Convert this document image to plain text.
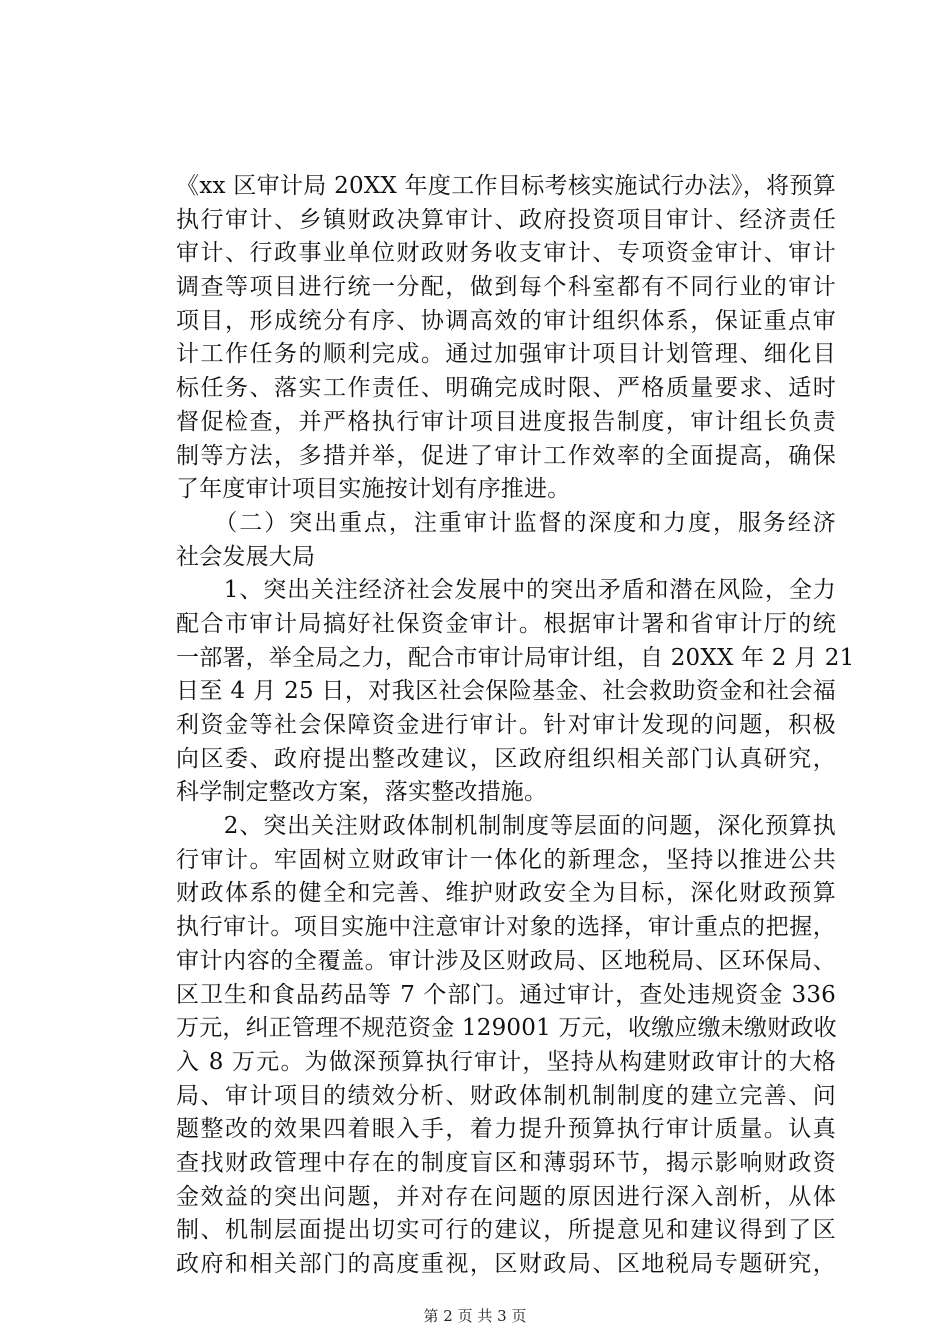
《xx 区审计局 20XX 年度工作目标考核实施试行办法》，将预算
执行审计、乡镇财政决算审计、政府投资项目审计、经济责任
审计、行政事业单位财政财务收支审计、专项资金审计、审计
调查等项目进行统一分配，做到每个科室都有不同行业的审计
项目，形成统分有序、协调高效的审计组织体系，保证重点审
计工作任务的顺利完成。通过加强审计项目计划管理、细化目
标任务、落实工作责任、明确完成时限、严格质量要求、适时
督促检查，并严格执行审计项目进度报告制度，审计组长负责
制等方法，多措并举，促进了审计工作效率的全面提高，确保
了年度审计项目实施按计划有序推进。
　　（二）突出重点，注重审计监督的深度和力度，服务经济
社会发展大局
　　1、突出关注经济社会发展中的突出矛盾和潜在风险，全力
配合市审计局搞好社保资金审计。根据审计署和省审计厅的统
一部署，举全局之力，配合市审计局审计组，自 20XX 年 2 月 21
日至 4 月 25 日，对我区社会保险基金、社会救助资金和社会福
利资金等社会保障资金进行审计。针对审计发现的问题，积极
向区委、政府提出整改建议，区政府组织相关部门认真研究，
科学制定整改方案，落实整改措施。
　　2、突出关注财政体制机制制度等层面的问题，深化预算执
行审计。牢固树立财政审计一体化的新理念，坚持以推进公共
财政体系的健全和完善、维护财政安全为目标，深化财政预算
执行审计。项目实施中注意审计对象的选择，审计重点的把握，
审计内容的全覆盖。审计涉及区财政局、区地税局、区环保局、
区卫生和食品药品等 7 个部门。通过审计，查处违规资金 336
万元，纠正管理不规范资金 129001 万元，收缴应缴未缴财政收
入 8 万元。为做深预算执行审计，坚持从构建财政审计的大格
局、审计项目的绩效分析、财政体制机制制度的建立完善、问
题整改的效果四着眼入手，着力提升预算执行审计质量。认真
查找财政管理中存在的制度盲区和薄弱环节，揭示影响财政资
金效益的突出问题，并对存在问题的原因进行深入剖析，从体
制、机制层面提出切实可行的建议，所提意见和建议得到了区
政府和相关部门的高度重视，区财政局、区地税局专题研究，
第 2 页 共 3 页
